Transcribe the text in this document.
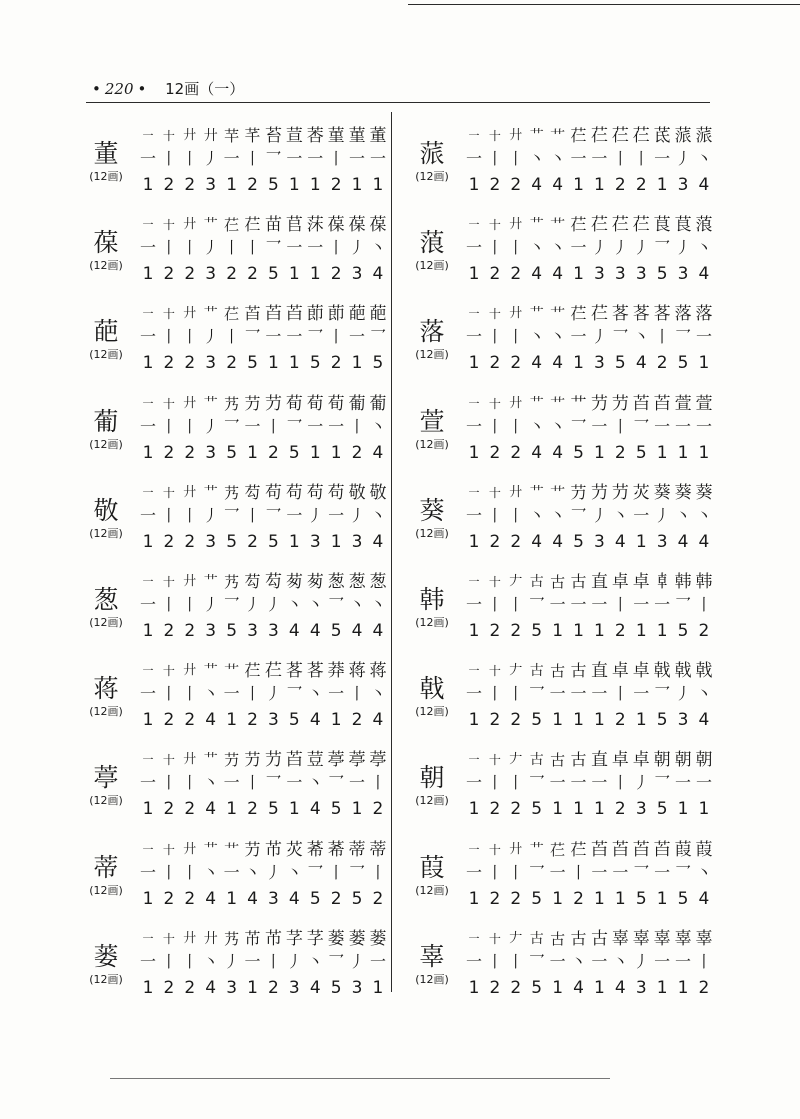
• 220 • 12画（一）
董
(12画)
一 十 廾 廾 芉 芊 苔 荁 莕 菫 菫 董
一 丨 丨 丿 一 丨 乛 一 一 丨 一 一
1 2 2 3 1 2 5 1 1 2 1 1
葆
(12画)
一 十 廾 艹 芢 芢 苗 苢 莯 葆 葆 葆
一 丨 丨 丿 丨 丨 乛 一 一 丨 丿 丶
1 2 2 3 2 2 5 1 1 2 3 4
葩
(12画)
一 十 廾 艹 芢 苩 苩 苩 莭 莭 葩 葩
一 丨 丨 丿 丨 乛 一 一 乛 丨 一 乛
1 2 2 3 2 5 1 1 5 2 1 5
葡
(12画)
一 十 廾 艹 艿 芀 芀 荀 荀 荀 葡 葡
一 丨 丨 丿 乛 一 丨 乛 一 一 丨 丶
1 2 2 3 5 1 2 5 1 1 2 4
敬
(12画)
一 十 廾 艹 艿 芶 苟 苟 苟 苟 敬 敬
一 丨 丨 丿 乛 丨 乛 一 丿 一 丿 丶
1 2 2 3 5 2 5 1 3 1 3 4
葱
(12画)
一 十 廾 艹 艿 芶 芶 茐 茐 葱 葱 葱
一 丨 丨 丿 乛 丿 丿 丶 丶 乛 丶 丶
1 2 2 3 5 3 3 4 4 5 4 4
蒋
(12画)
一 十 廾 艹 艹 芢 芢 茖 茖 莽 蒋 蒋
一 丨 丨 丶 一 丨 丿 乛 丶 一 丨 丶
1 2 2 4 1 2 3 5 4 1 2 4
葶
(12画)
一 十 廾 艹 芀 芀 芀 苩 荳 葶 葶 葶
一 丨 丨 丶 一 丨 乛 一 丶 乛 一 丨
1 2 2 4 1 2 5 1 4 5 1 2
蒂
(12画)
一 十 廾 艹 艹 芀 芇 苂 莃 莃 蒂 蒂
一 丨 丨 丶 一 丶 丿 丶 乛 丨 乛 丨
1 2 2 4 1 4 3 4 5 2 5 2
蒌
(12画)
一 十 廾 廾 艿 芇 芇 芓 芓 蒌 蒌 蒌
一 丨 丨 丶 丿 一 丨 丿 丶 乛 丿 一
1 2 2 4 3 1 2 3 4 5 3 1
蒎
(12画)
一 十 廾 艹 艹 芢 芢 芢 芢 茋 蒎 蒎
一 丨 丨 丶 丶 一 一 丨 丨 一 丿 丶
1 2 2 4 4 1 1 2 2 1 3 4
蒗
(12画)
一 十 廾 艹 艹 芢 芢 芢 芢 茛 茛 蒗
一 丨 丨 丶 丶 一 丿 丿 丿 乛 丿 丶
1 2 2 4 4 1 3 3 3 5 3 4
落
(12画)
一 十 廾 艹 艹 芢 芢 茖 茖 茖 落 落
一 丨 丨 丶 丶 一 丿 乛 丶 丨 乛 一
1 2 2 4 4 1 3 5 4 2 5 1
萱
(12画)
一 十 廾 艹 艹 艹 芀 芀 苩 苩 萱 萱
一 丨 丨 丶 丶 乛 一 丨 乛 一 一 一
1 2 2 4 4 5 1 2 5 1 1 1
葵
(12画)
一 十 廾 艹 艹 芀 芀 芀 苂 葵 葵 葵
一 丨 丨 丶 丶 乛 丿 丶 一 丿 丶 丶
1 2 2 4 4 5 3 4 1 3 4 4
韩
(12画)
一 十 𠂇 古 古 古 直 卓 卓 𠦝 韩 韩
一 丨 丨 乛 一 一 一 丨 一 一 乛 丨
1 2 2 5 1 1 1 2 1 1 5 2
戟
(12画)
一 十 𠂇 古 古 古 直 卓 卓 戟 戟 戟
一 丨 丨 乛 一 一 一 丨 一 乛 丿 丶
1 2 2 5 1 1 1 2 1 5 3 4
朝
(12画)
一 十 𠂇 古 古 古 直 卓 卓 朝 朝 朝
一 丨 丨 乛 一 一 一 丨 丿 乛 一 一
1 2 2 5 1 1 1 2 3 5 1 1
葭
(12画)
一 十 廾 艹 芢 芢 苩 苩 苩 苩 葭 葭
一 丨 丨 乛 一 丨 一 一 乛 一 乛 丶
1 2 2 5 1 2 1 1 5 1 5 4
辜
(12画)
一 十 𠂇 古 古 古 古 辜 辜 辜 辜 辜
一 丨 丨 乛 一 丶 一 丶 丿 一 一 丨
1 2 2 5 1 4 1 4 3 1 1 2
